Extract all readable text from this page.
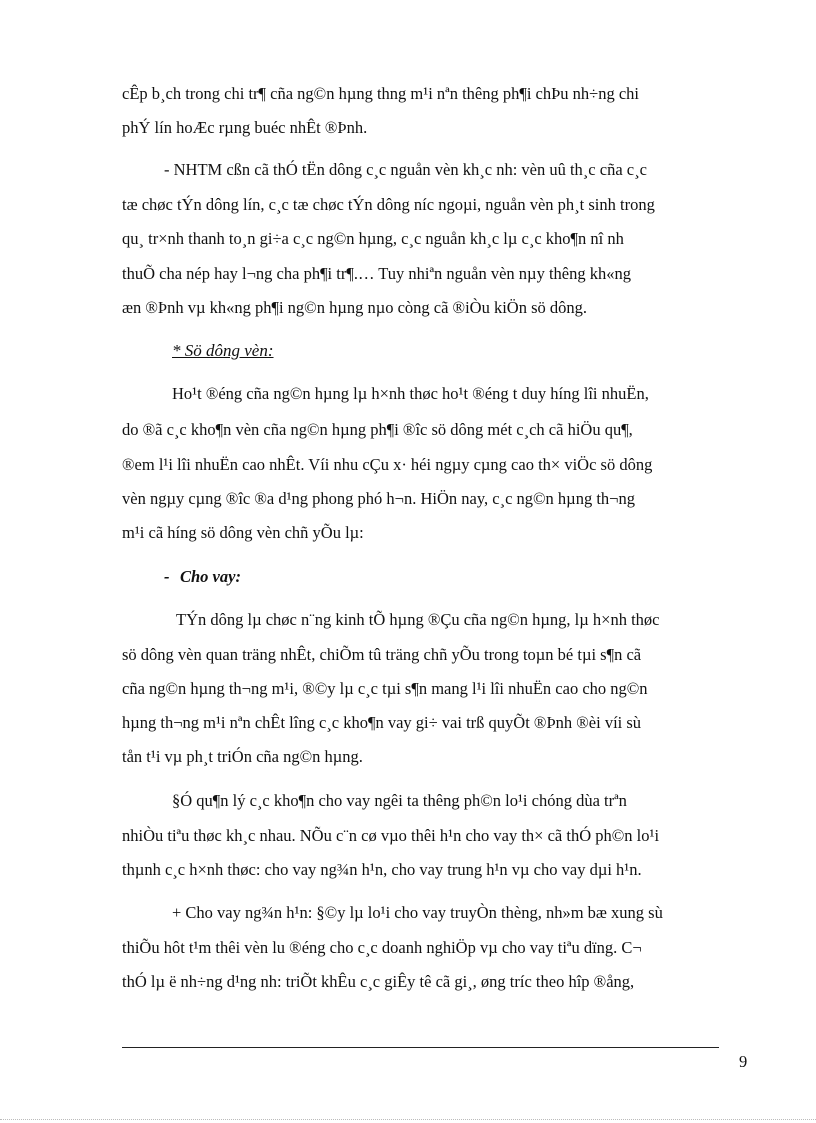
cÊp b¸ch trong chi tr¶ cña ng©n hµng thng m¹i nªn thêng ph¶i chÞu nh÷ng chi
phÝ lín hoÆc rµng buéc nhÊt ®Þnh.
- NHTM cßn cã thÓ tËn dông c¸c nguån vèn kh¸c nh: vèn uû th¸c cña c¸c
tæ chøc tÝn dông lín, c¸c tæ chøc tÝn dông níc ngoµi, nguån vèn ph¸t sinh trong
qu¸ tr×nh thanh to¸n gi÷a c¸c ng©n hµng, c¸c nguån kh¸c lµ c¸c kho¶n nî nh
thuÕ cha nép hay l¬ng cha ph¶i tr¶.… Tuy nhiªn nguån vèn nµy thêng kh«ng
æn ®Þnh vµ kh«ng ph¶i ng©n hµng nµo còng cã ®iÒu kiÖn sö dông.
* Sö dông vèn:
Ho¹t ®éng cña ng©n hµng lµ h×nh thøc ho¹t ®éng t duy híng lîi nhuËn,
do ®ã c¸c kho¶n vèn cña ng©n hµng ph¶i ®îc sö dông mét c¸ch cã hiÖu qu¶,
®em l¹i lîi nhuËn cao nhÊt. Víi nhu cÇu x· héi ngµy cµng cao th× viÖc sö dông
vèn ngµy cµng ®îc ®a d¹ng phong phó h¬n. HiÖn nay, c¸c ng©n hµng th¬ng
m¹i cã híng sö dông vèn chñ yÕu lµ:
- Cho vay:
TÝn dông lµ chøc n¨ng kinh tÕ hµng ®Çu cña ng©n hµng, lµ h×nh thøc
sö dông vèn quan träng nhÊt, chiÕm tû träng chñ yÕu trong toµn bé tµi s¶n cã
cña ng©n hµng th¬ng m¹i, ®©y lµ c¸c tµi s¶n mang l¹i lîi nhuËn cao cho ng©n
hµng th¬ng m¹i nªn chÊt lîng c¸c kho¶n vay gi÷ vai trß quyÕt ®Þnh ®èi víi sù
tån t¹i vµ ph¸t triÓn cña ng©n hµng.
§Ó qu¶n lý c¸c kho¶n cho vay ngêi ta thêng ph©n lo¹i chóng dùa trªn
nhiÒu tiªu thøc kh¸c nhau. NÕu c¨n cø vµo thêi h¹n cho vay th× cã thÓ ph©n lo¹i
thµnh c¸c h×nh thøc: cho vay ng¾n h¹n, cho vay trung h¹n vµ cho vay dµi h¹n.
+ Cho vay ng¾n h¹n: §©y lµ lo¹i cho vay truyÒn thèng, nh»m bæ xung sù
thiÕu hôt t¹m thêi vèn lu ®éng cho c¸c doanh nghiÖp vµ cho vay tiªu dïng. C¬
thÓ lµ ë nh÷ng d¹ng nh: triÕt khÊu c¸c giÊy tê cã gi¸, øng tríc theo hîp ®ång,
9
